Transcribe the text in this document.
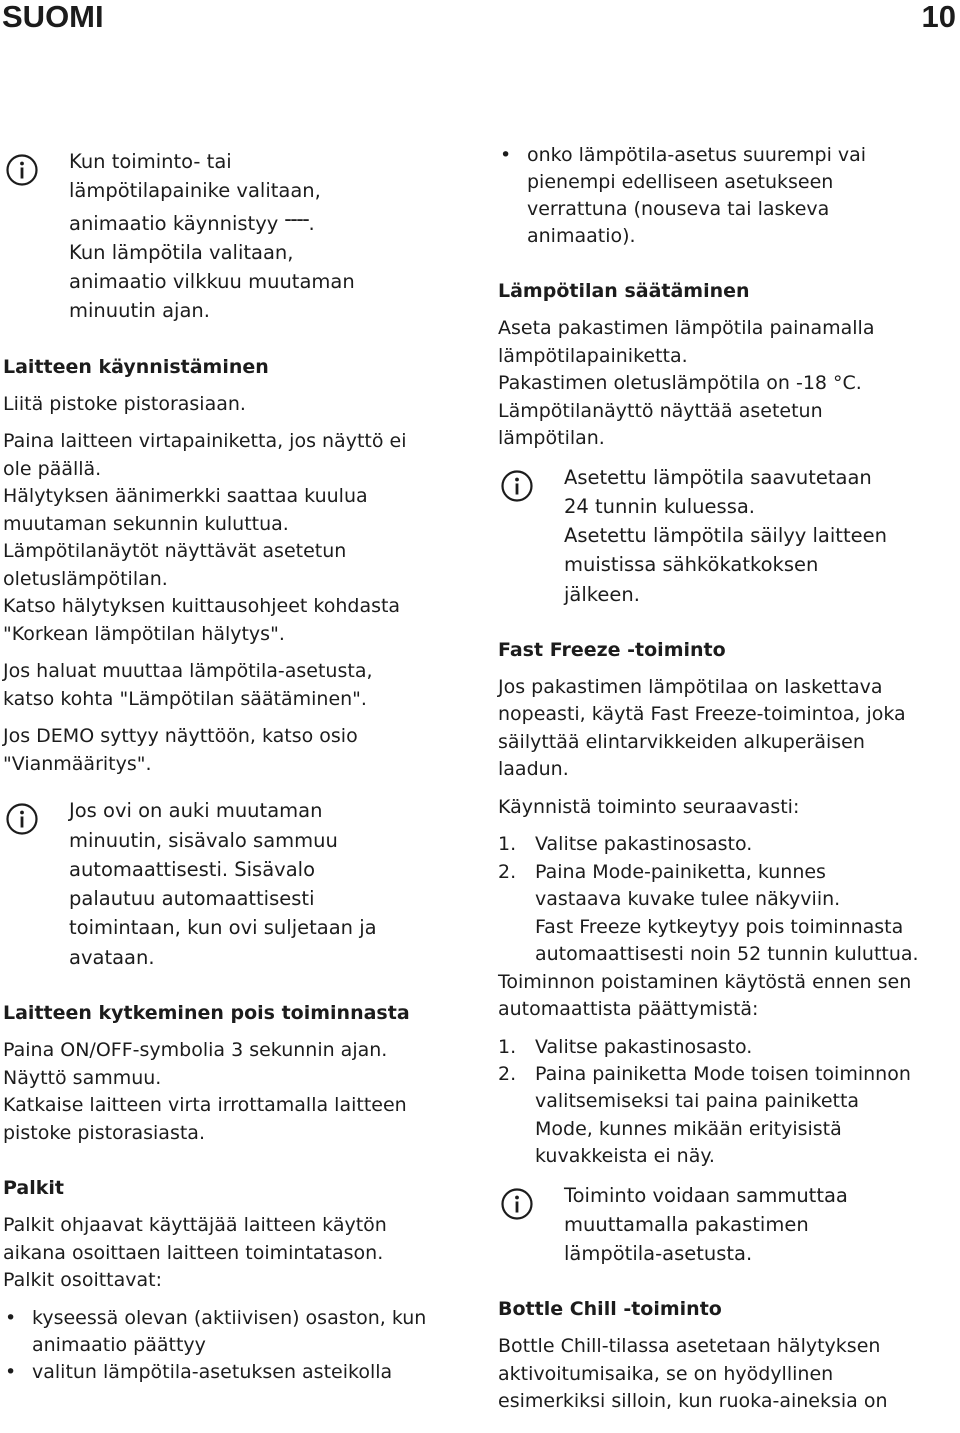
SUOMI	10
Kun toiminto- tai
lämpötilapainike valitaan,
animaatio käynnistyy ––––.
Kun lämpötila valitaan,
animaatio vilkkuu muutaman
minuutin ajan.

Laitteen käynnistäminen

Liitä pistoke pistorasiaan.

Paina laitteen virtapainiketta, jos näyttö ei
ole päällä.
Hälytyksen äänimerkki saattaa kuulua
muutaman sekunnin kuluttua.
Lämpötilanäytöt näyttävät asetetun
oletuslämpötilan.
Katso hälytyksen kuittausohjeet kohdasta
"Korkean lämpötilan hälytys".
Jos haluat muuttaa lämpötila-asetusta,
katso kohta "Lämpötilan säätäminen".
Jos DEMO syttyy näyttöön, katso osio
"Vianmääritys".
Jos ovi on auki muutaman
minuutin, sisävalo sammuu
automaattisesti. Sisävalo
palautuu automaattisesti
toimintaan, kun ovi suljetaan ja
avataan.

Laitteen kytkeminen pois toiminnasta

Paina ON/OFF-symbolia 3 sekunnin ajan.
Näyttö sammuu.
Katkaise laitteen virta irrottamalla laitteen
pistoke pistorasiasta.

Palkit

Palkit ohjaavat käyttäjää laitteen käytön
aikana osoittaen laitteen toimintatason.
Palkit osoittavat:
• kyseessä olevan (aktiivisen) osaston, kun
animaatio päättyy
• valitun lämpötila-asetuksen asteikolla
• onko lämpötila-asetus suurempi vai
pienempi edelliseen asetukseen
verrattuna (nouseva tai laskeva
animaatio).

Lämpötilan säätäminen

Aseta pakastimen lämpötila painamalla
lämpötilapainiketta.
Pakastimen oletuslämpötila on -18 °C.
Lämpötilanäyttö näyttää asetetun
lämpötilan.
Asetettu lämpötila saavutetaan
24 tunnin kuluessa.
Asetettu lämpötila säilyy laitteen
muistissa sähkökatkoksen
jälkeen.

Fast Freeze -toiminto

Jos pakastimen lämpötilaa on laskettava
nopeasti, käytä Fast Freeze-toimintoa, joka
säilyttää elintarvikkeiden alkuperäisen
laadun.

Käynnistä toiminto seuraavasti:

1. Valitse pakastinosasto.
2. Paina Mode-painiketta, kunnes
vastaava kuvake tulee näkyviin.
Fast Freeze kytkeytyy pois toiminnasta
automaattisesti noin 52 tunnin kuluttua.
Toiminnon poistaminen käytöstä ennen sen
automaattista päättymistä:
1. Valitse pakastinosasto.
2. Paina painiketta Mode toisen toiminnon
valitsemiseksi tai paina painiketta
Mode, kunnes mikään erityisistä
kuvakkeista ei näy.
Toiminto voidaan sammuttaa
muuttamalla pakastimen
lämpötila-asetusta.

Bottle Chill -toiminto

Bottle Chill-tilassa asetetaan hälytyksen
aktivoitumisaika, se on hyödyllinen
esimerkiksi silloin, kun ruoka-aineksia on
